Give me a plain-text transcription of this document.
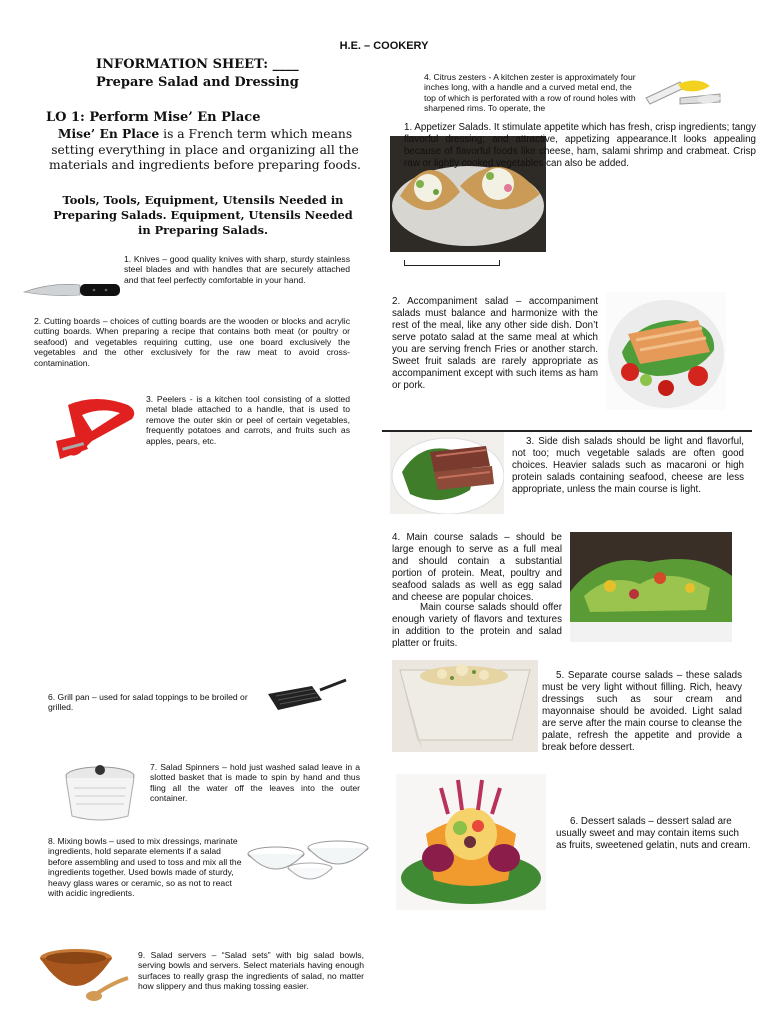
H.E. – COOKERY
INFORMATION SHEET: ____
Prepare Salad and Dressing
LO 1: Perform Mise’ En Place
Mise’ En Place is a French term which means setting everything in place and organizing all the materials and ingredients before preparing foods.
Tools, Tools, Equipment, Utensils Needed in Preparing Salads. Equipment, Utensils Needed in Preparing Salads.
1. Knives – good quality knives with sharp, sturdy stainless steel blades and with handles that are securely attached and that feel perfectly comfortable in your hand.
2. Cutting boards – choices of cutting boards are the wooden or blocks and acrylic cutting boards. When preparing a recipe that contains both meat (or poultry or seafood) and vegetables requiring cutting, use one board exclusively the vegetables and the other exclusively for the raw meat to avoid cross-contamination.
3. Peelers - is a kitchen tool consisting of a slotted metal blade attached to a handle, that is used to remove the outer skin or peel of certain vegetables, frequently potatoes and carrots, and fruits such as apples, pears, etc.
6. Grill pan – used for salad toppings to be broiled or grilled.
7. Salad Spinners – hold just washed salad leave in a slotted basket that is made to spin by hand and thus fling all the water off the leaves into the outer container.
8. Mixing bowls – used to mix dressings, marinate ingredients, hold separate elements if a salad before assembling and used to toss and mix all the ingredients together. Used bowls made of sturdy, heavy glass wares or ceramic, so as not to react with acidic ingredients.
9. Salad servers – “Salad sets” with big salad bowls, serving bowls and servers. Select materials having enough surfaces to really grasp the ingredients of salad, no matter how slippery and thus making tossing easier.
4. Citrus zesters - A kitchen zester is approximately four inches long, with a handle and a curved metal end, the top of which is perforated with a row of round holes with sharpened rims. To operate, the
1. Appetizer Salads. It stimulate appetite which has fresh, crisp ingredients; tangy flavorful dressing; and attractive, appetizing appearance.It looks appealing because of flavorful foods like cheese, ham, salami shrimp and crabmeat. Crisp raw or lightly cooked vegetables can also be added.
2. Accompaniment salad – accompaniment salads must balance and harmonize with the rest of the meal, like any other side dish. Don’t serve potato salad at the same meal at which you are serving french Fries or another starch. Sweet fruit salads are rarely appropriate as accompaniment except with such items as ham or pork.
3. Side dish salads should be light and flavorful, not too; much vegetable salads are often good choices. Heavier salads such as macaroni or high protein salads containing seafood, cheese are less appropriate, unless the main course is light.
4. Main course salads – should be large enough to serve as a full meal and should contain a substantial portion of protein. Meat, poultry and seafood salads as well as egg salad and cheese are popular choices.
Main course salads should offer enough variety of flavors and textures in addition to the protein and salad platter or fruits.
5. Separate course salads – these salads must be very light without filling. Rich, heavy dressings such as sour cream and mayonnaise should be avoided. Light salad are serve after the main course to cleanse the palate, refresh the appetite and provide a break before dessert.
6. Dessert salads – dessert salad are usually sweet and may contain items such as fruits, sweetened gelatin, nuts and cream.
